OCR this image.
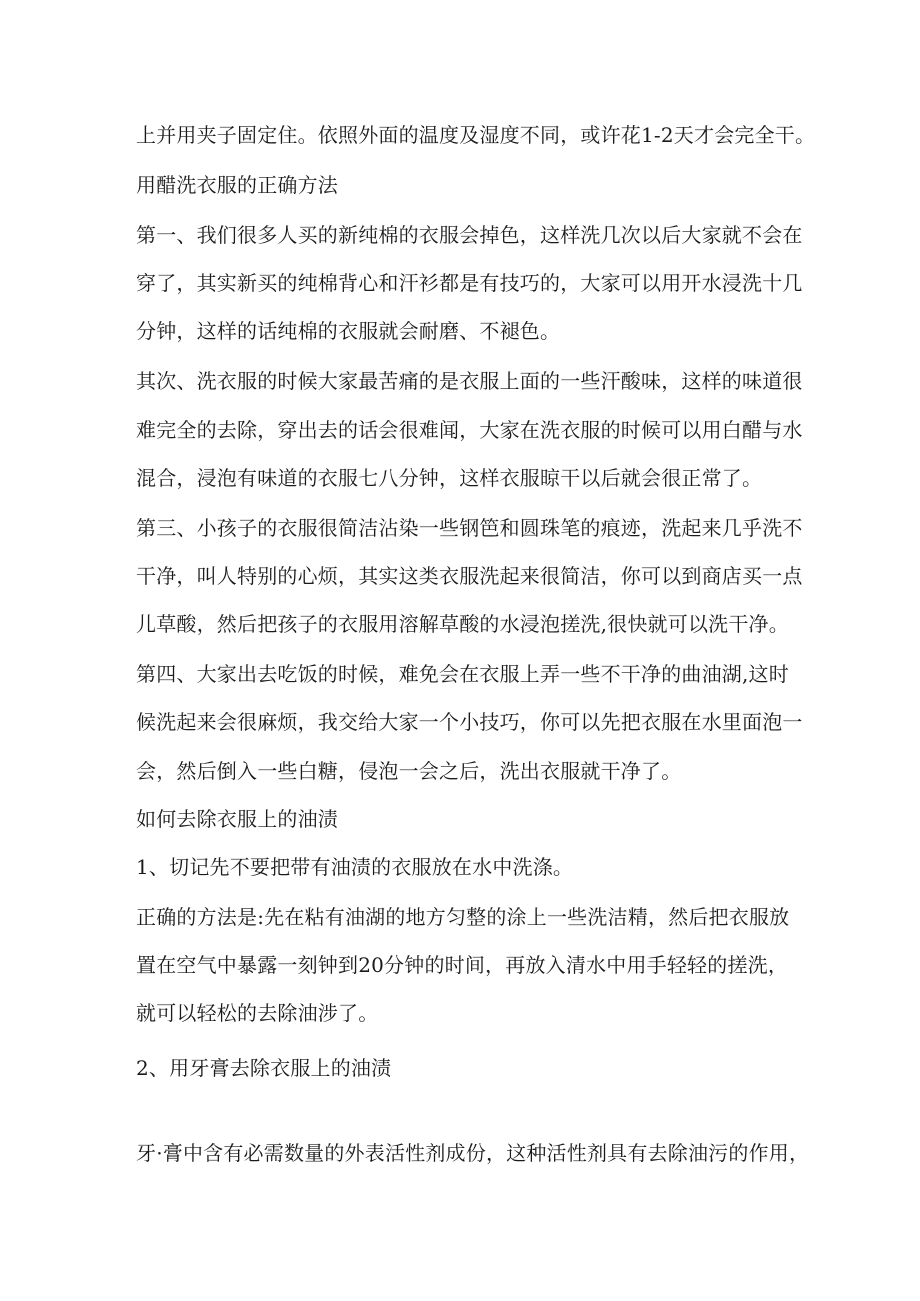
上并用夹子固定住。依照外面的温度及湿度不同，或许花1-2天才会完全干。
用醋洗衣服的正确方法
第一、我们很多人买的新纯棉的衣服会掉色，这样洗几次以后大家就不会在
穿了，其实新买的纯棉背心和汗衫都是有技巧的，大家可以用开水浸洗十几
分钟，这样的话纯棉的衣服就会耐磨、不褪色。
其次、洗衣服的时候大家最苦痛的是衣服上面的一些汗酸味，这样的味道很
难完全的去除，穿出去的话会很难闻，大家在洗衣服的时候可以用白醋与水
混合，浸泡有味道的衣服七八分钟，这样衣服晾干以后就会很正常了。
第三、小孩子的衣服很简洁沾染一些钢笆和圆珠笔的痕迹，洗起来几乎洗不
干净，叫人特别的心烦，其实这类衣服洗起来很简洁，你可以到商店买一点
儿草酸，然后把孩子的衣服用溶解草酸的水浸泡搓洗,很快就可以洗干净。
第四、大家出去吃饭的时候，难免会在衣服上弄一些不干净的曲油湖,这时
候洗起来会很麻烦，我交给大家一个小技巧，你可以先把衣服在水里面泡一
会，然后倒入一些白糖，侵泡一会之后，洗出衣服就干净了。
如何去除衣服上的油渍
1、切记先不要把带有油渍的衣服放在水中洗涤。
正确的方法是:先在粘有油湖的地方匀整的涂上一些洗洁精，然后把衣服放
置在空气中暴露一刻钟到20分钟的时间，再放入清水中用手轻轻的搓洗，
就可以轻松的去除油涉了。
2、用牙膏去除衣服上的油渍
牙·膏中含有必需数量的外表活性剂成份，这种活性剂具有去除油污的作用，
